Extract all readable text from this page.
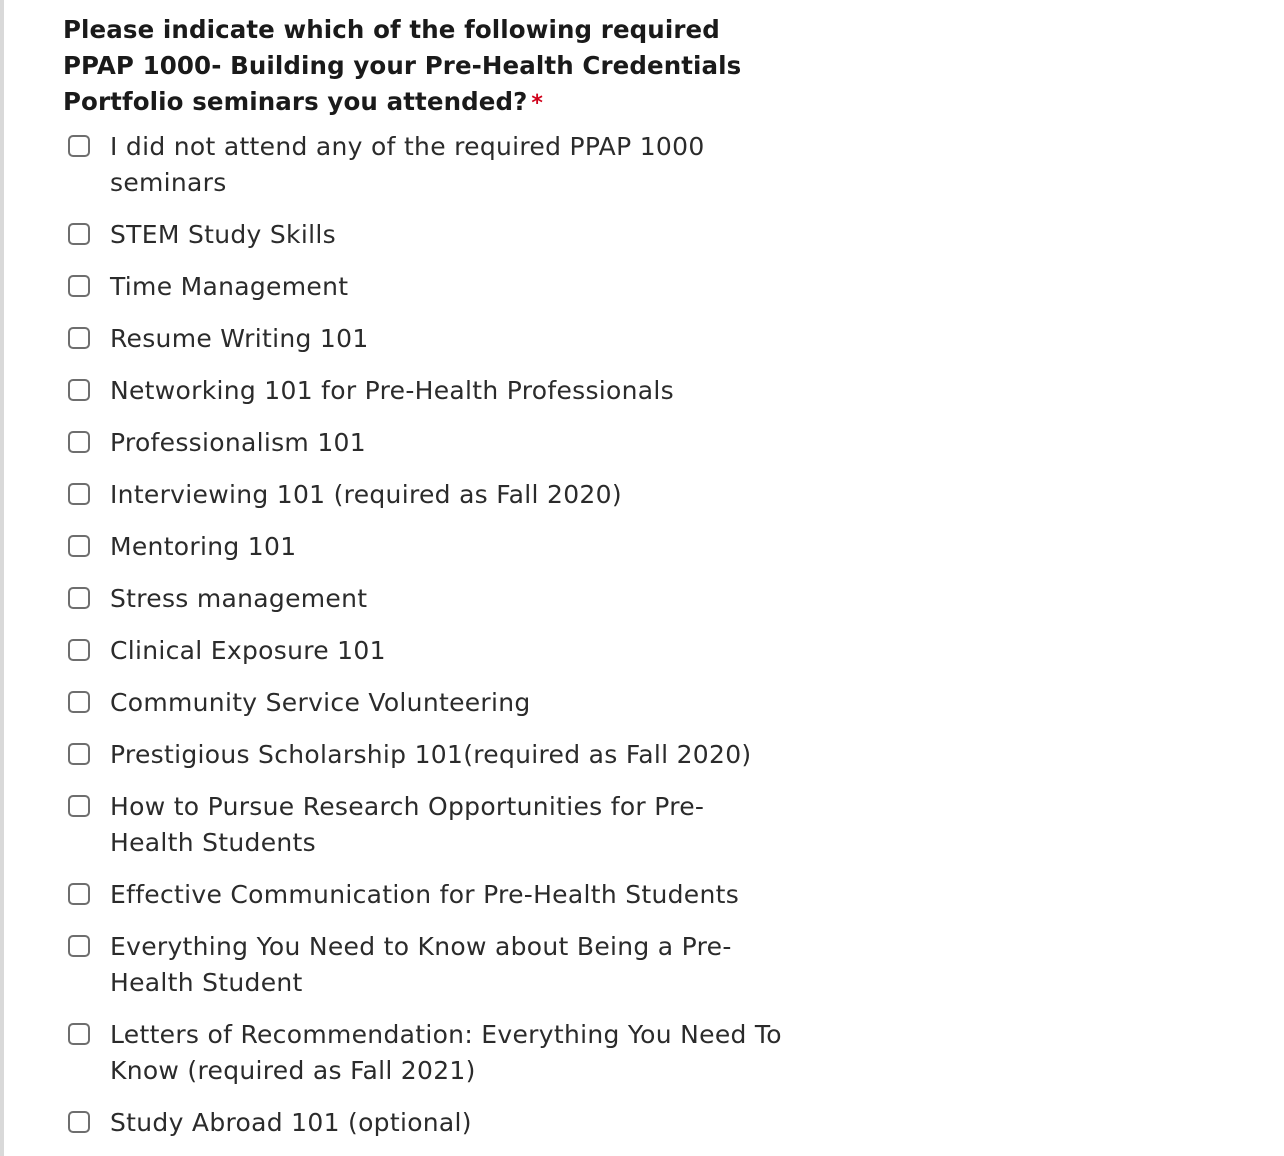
Please indicate which of the following required PPAP 1000- Building your Pre-Health Credentials Portfolio seminars you attended? *
I did not attend any of the required PPAP 1000 seminars
STEM Study Skills
Time Management
Resume Writing 101
Networking 101 for Pre-Health Professionals
Professionalism 101
Interviewing 101 (required as Fall 2020)
Mentoring 101
Stress management
Clinical Exposure 101
Community Service Volunteering
Prestigious Scholarship 101(required as Fall 2020)
How to Pursue Research Opportunities for Pre-Health Students
Effective Communication for Pre-Health Students
Everything You Need to Know about Being a Pre-Health Student
Letters of Recommendation: Everything You Need To Know (required as Fall 2021)
Study Abroad 101 (optional)
